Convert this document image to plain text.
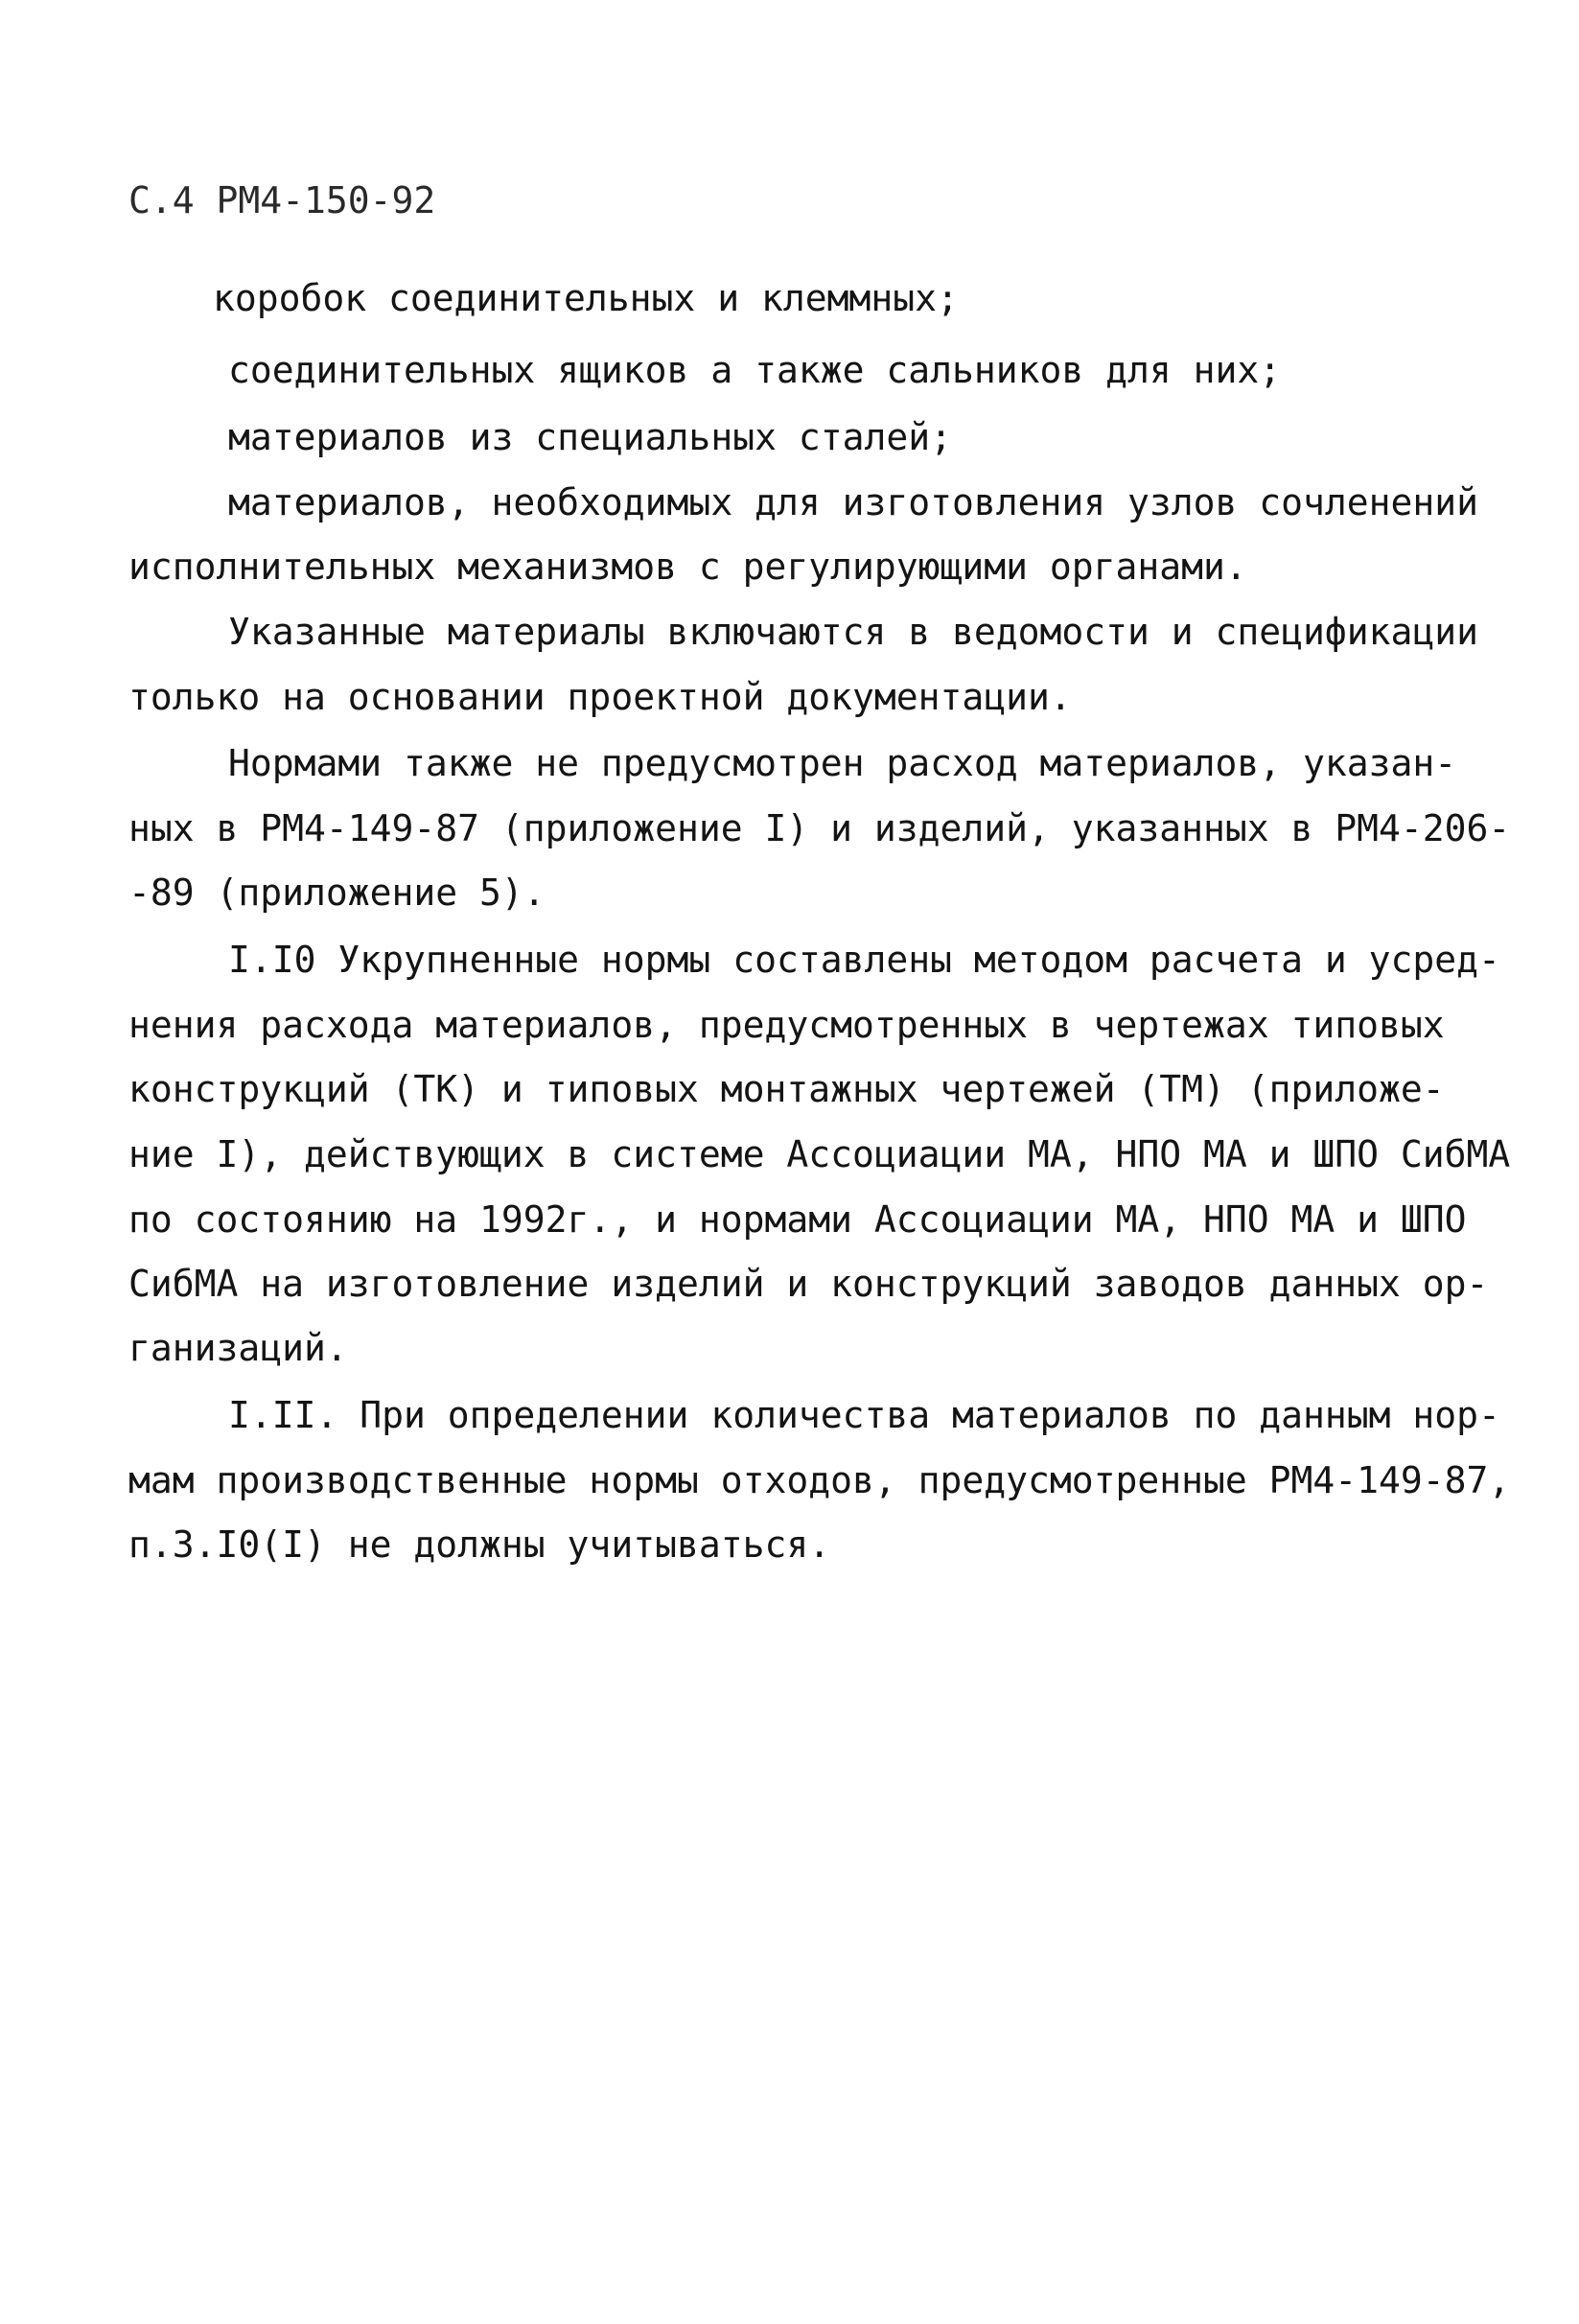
С.4 РМ4-150-92
коробок соединительных и клеммных;
соединительных ящиков а также сальников для них;
материалов из специальных сталей;
материалов, необходимых для изготовления узлов сочленений
исполнительных механизмов с регулирующими органами.
Указанные материалы включаются в ведомости и спецификации
только на основании проектной документации.
Нормами также не предусмотрен расход материалов, указан-
ных в РМ4-149-87 (приложение I) и изделий, указанных в РМ4-206-
-89 (приложение 5).
I.I0 Укрупненные нормы составлены методом расчета и усред-
нения расхода материалов, предусмотренных в чертежах типовых
конструкций (ТК) и типовых монтажных чертежей (ТМ) (приложе-
ние I), действующих в системе Ассоциации МА, НПО МА и ШПО СибМА
по состоянию на 1992г., и нормами Ассоциации МА, НПО МА и ШПО
СибМА на изготовление изделий и конструкций заводов данных ор-
ганизаций.
I.II. При определении количества материалов по данным нор-
мам производственные нормы отходов, предусмотренные РМ4-149-87,
п.3.I0(I) не должны учитываться.
